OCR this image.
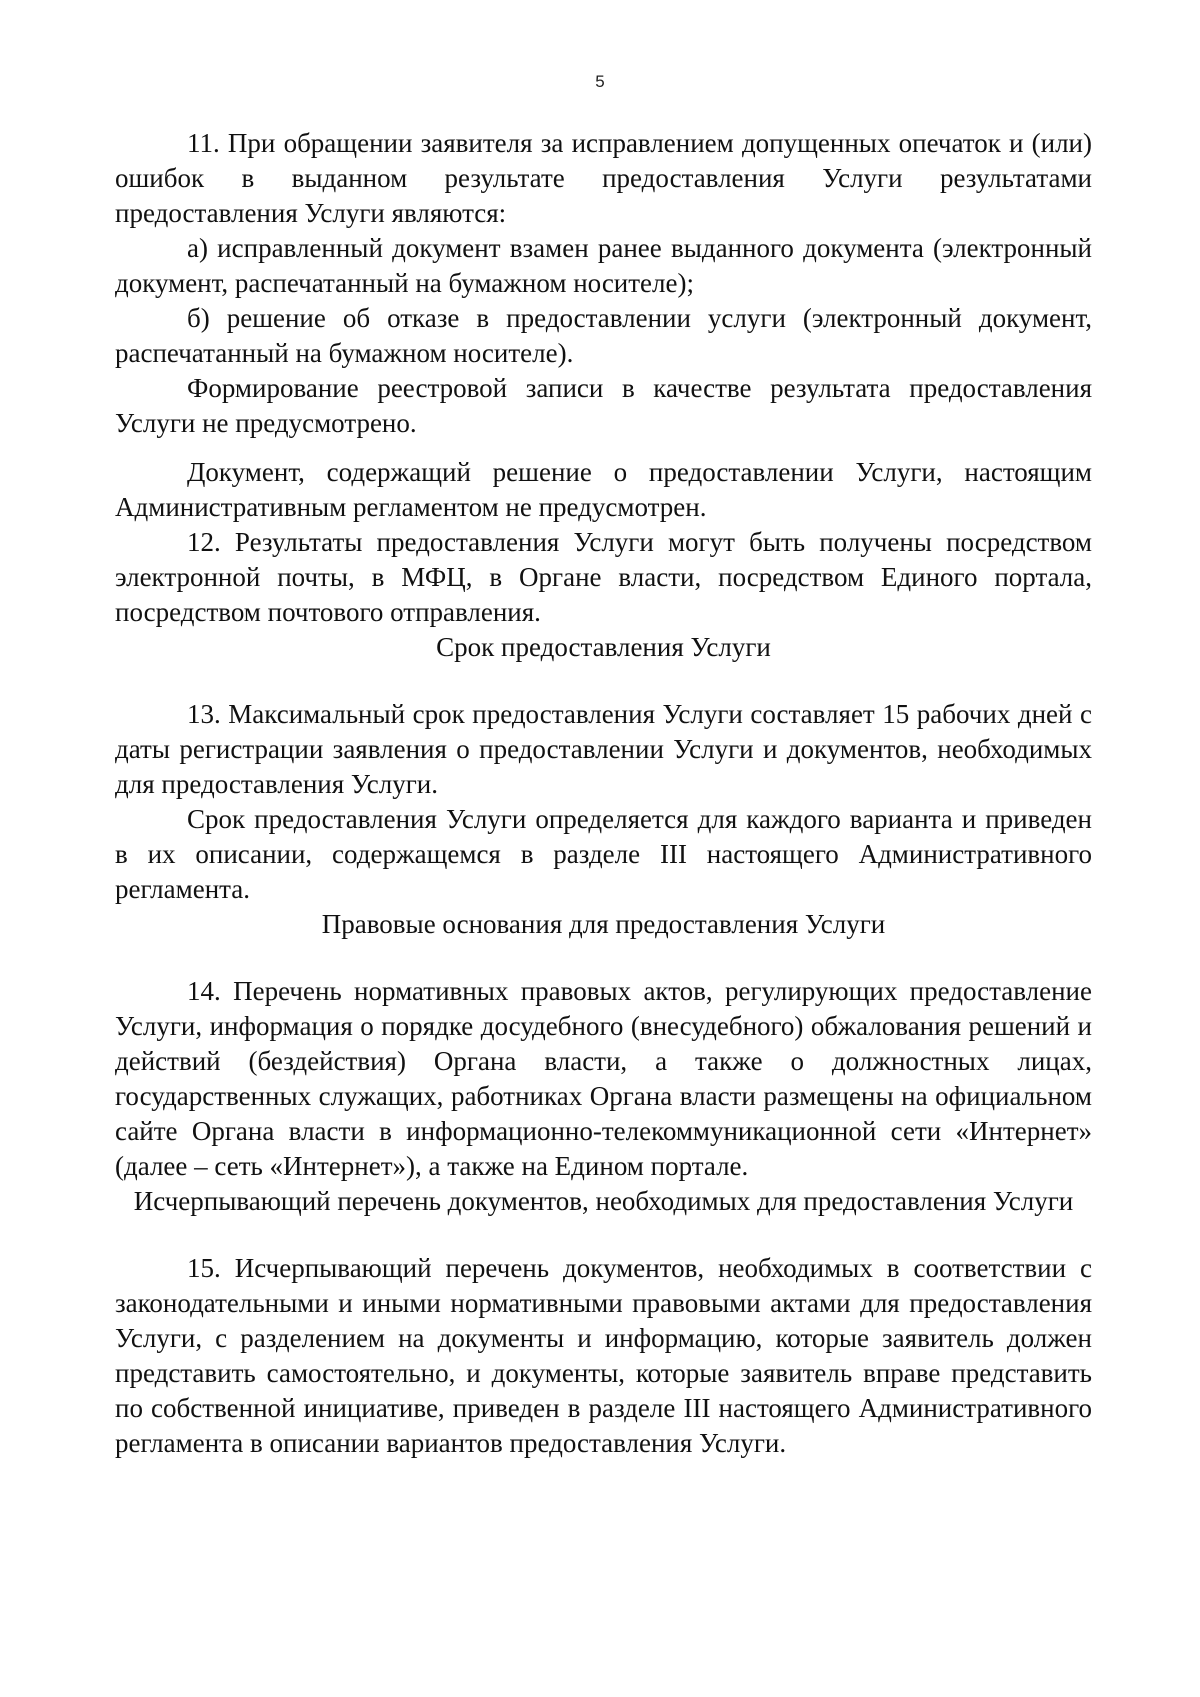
5

11. При обращении заявителя за исправлением допущенных опечаток и (или) ошибок в выданном результате предоставления Услуги результатами предоставления Услуги являются:

а) исправленный документ взамен ранее выданного документа (электронный документ, распечатанный на бумажном носителе);

б) решение об отказе в предоставлении услуги (электронный документ, распечатанный на бумажном носителе).

Формирование реестровой записи в качестве результата предоставления Услуги не предусмотрено.

Документ, содержащий решение о предоставлении Услуги, настоящим Административным регламентом не предусмотрен.

12. Результаты предоставления Услуги могут быть получены посредством электронной почты, в МФЦ, в Органе власти, посредством Единого портала, посредством почтового отправления.

Срок предоставления Услуги

13. Максимальный срок предоставления Услуги составляет 15 рабочих дней с даты регистрации заявления о предоставлении Услуги и документов, необходимых для предоставления Услуги.

Срок предоставления Услуги определяется для каждого варианта и приведен в их описании, содержащемся в разделе III настоящего Административного регламента.

Правовые основания для предоставления Услуги

14. Перечень нормативных правовых актов, регулирующих предоставление Услуги, информация о порядке досудебного (внесудебного) обжалования решений и действий (бездействия) Органа власти, а также о должностных лицах, государственных служащих, работниках Органа власти размещены на официальном сайте Органа власти в информационно-телекоммуникационной сети «Интернет» (далее – сеть «Интернет»), а также на Едином портале.

Исчерпывающий перечень документов, необходимых для предоставления Услуги

15. Исчерпывающий перечень документов, необходимых в соответствии с законодательными и иными нормативными правовыми актами для предоставления Услуги, с разделением на документы и информацию, которые заявитель должен представить самостоятельно, и документы, которые заявитель вправе представить по собственной инициативе, приведен в разделе III настоящего Административного регламента в описании вариантов предоставления Услуги.
